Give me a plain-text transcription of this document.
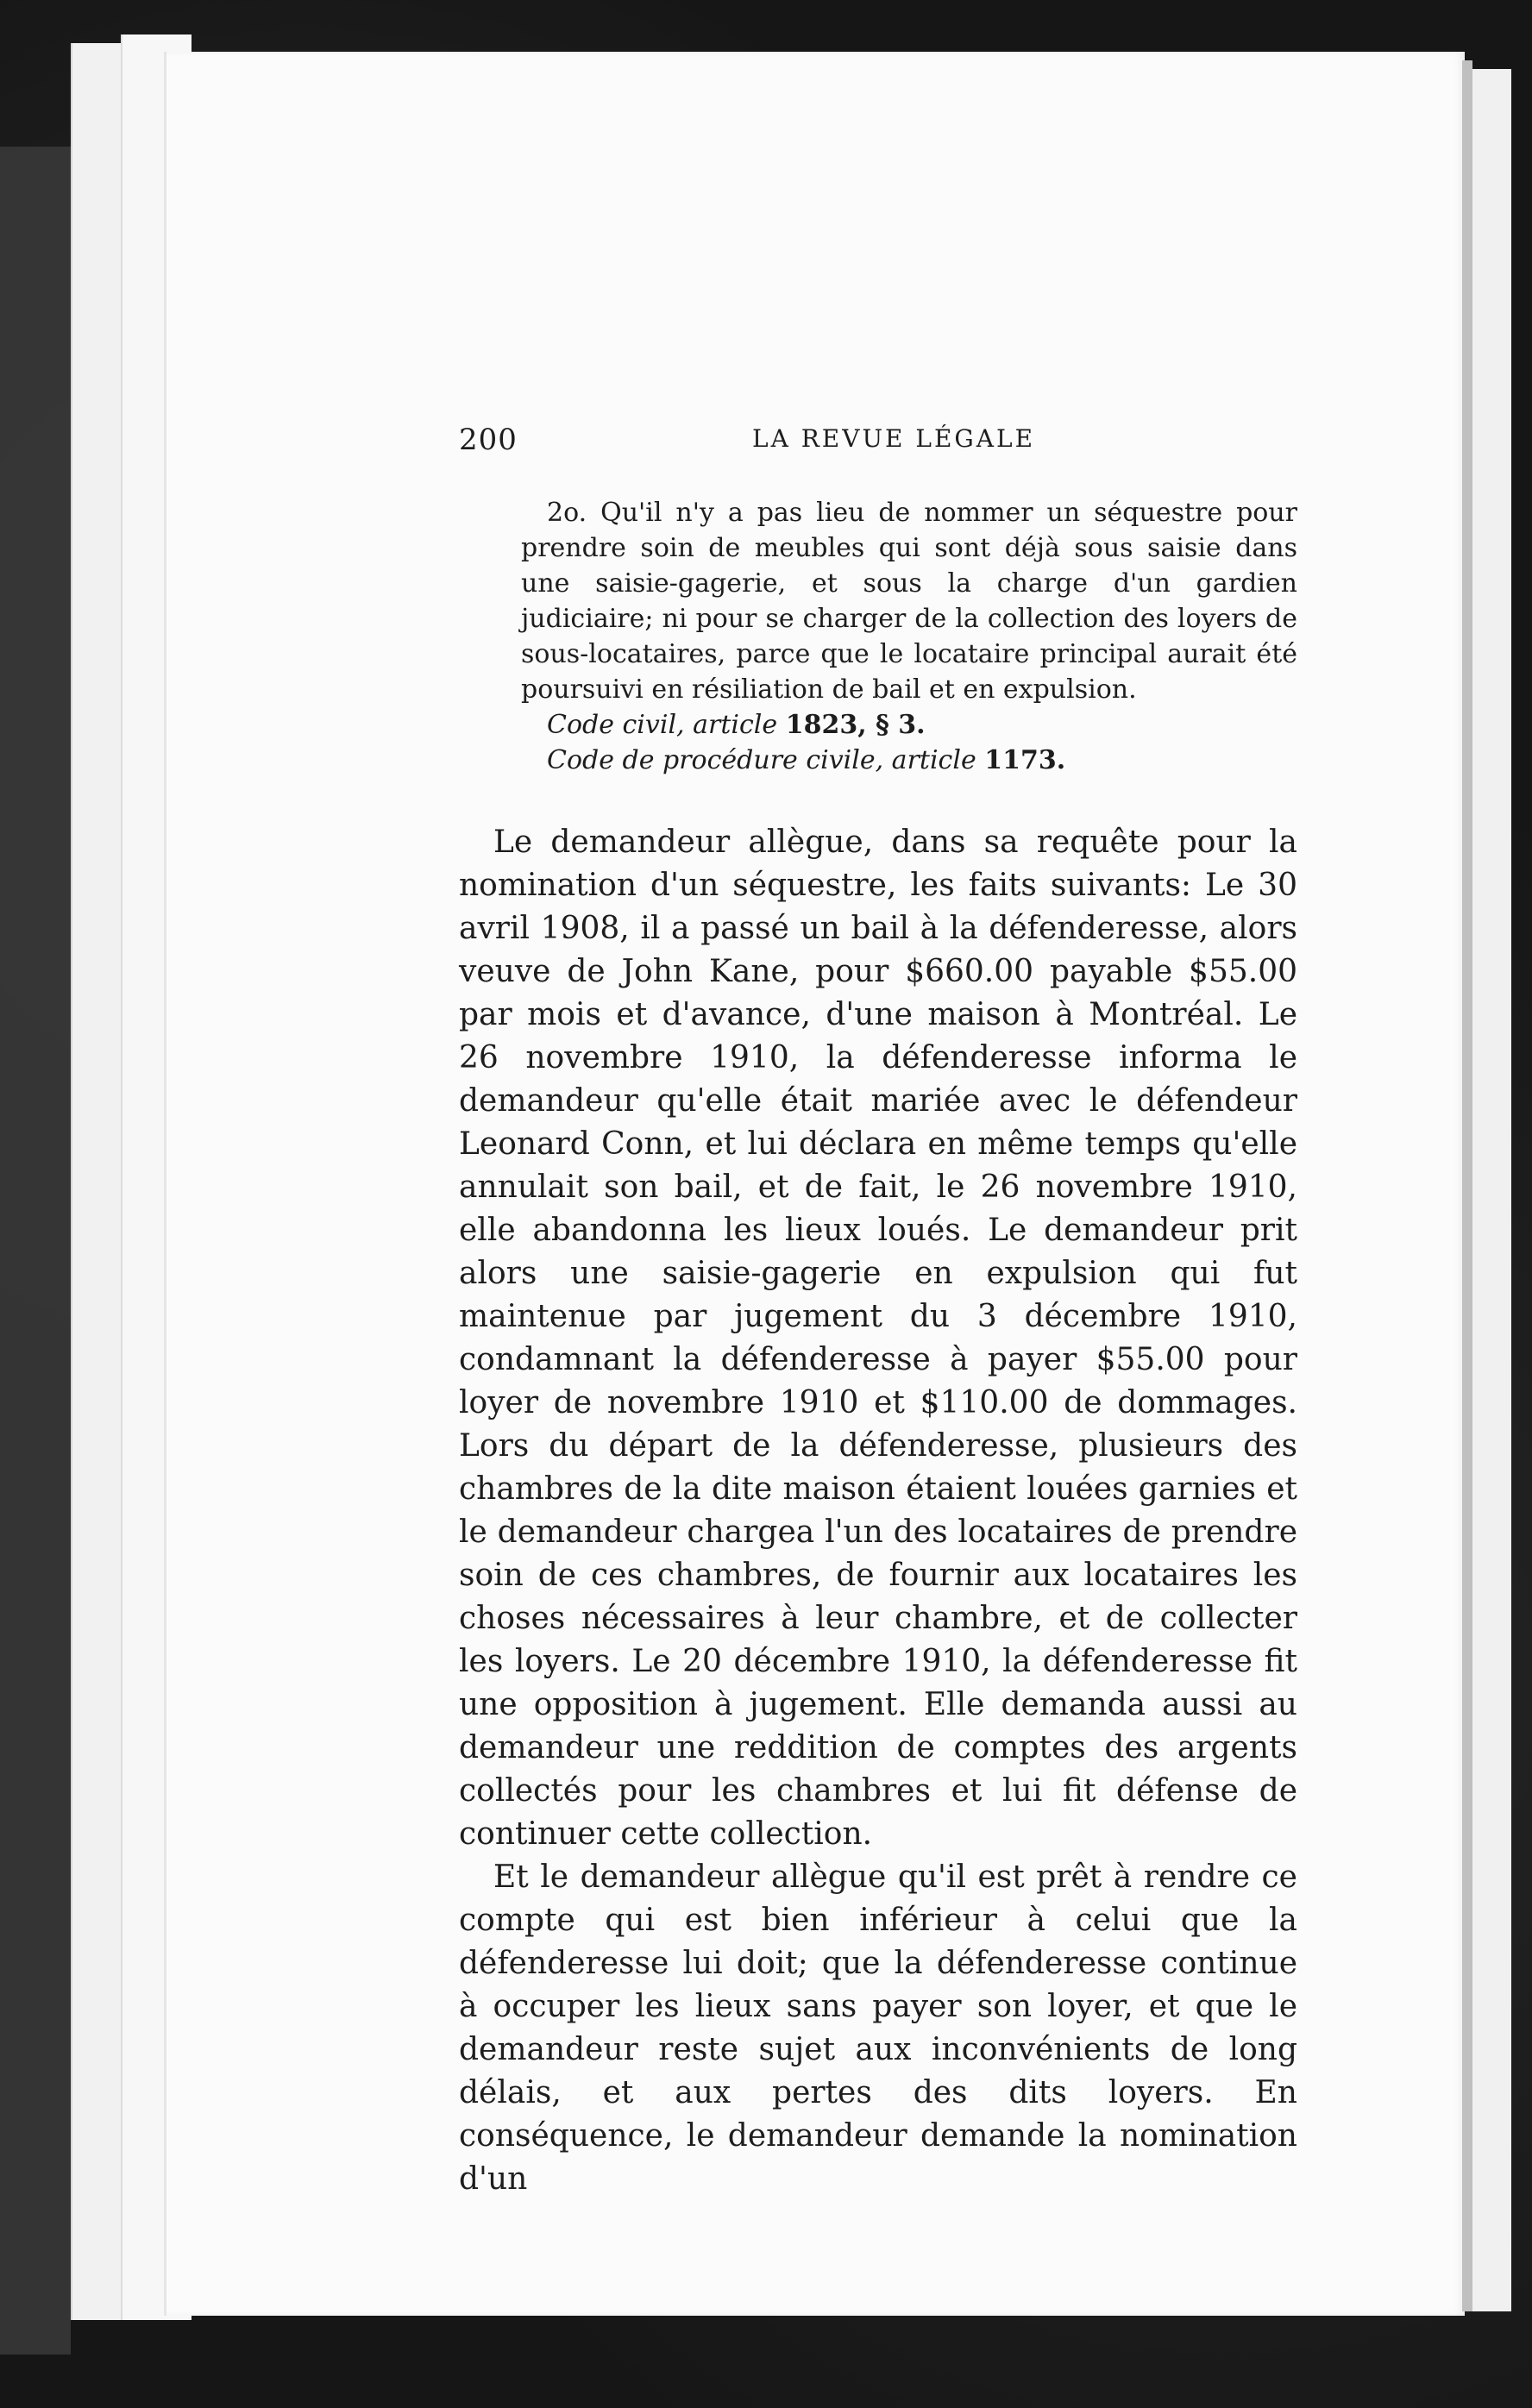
200	LA REVUE LÉGALE

2o. Qu'il n'y a pas lieu de nommer un séquestre pour prendre soin de meubles qui sont déjà sous saisie dans une saisie-gagerie, et sous la charge d'un gardien judiciaire; ni pour se charger de la collection des loyers de sous-locataires, parce que le locataire principal aurait été poursuivi en résiliation de bail et en expulsion.

Code civil, article 1823, § 3.

Code de procédure civile, article 1173.

Le demandeur allègue, dans sa requête pour la nomination d'un séquestre, les faits suivants: Le 30 avril 1908, il a passé un bail à la défenderesse, alors veuve de John Kane, pour $660.00 payable $55.00 par mois et d'avance, d'une maison à Montréal. Le 26 novembre 1910, la défenderesse informa le demandeur qu'elle était mariée avec le défendeur Leonard Conn, et lui déclara en même temps qu'elle annulait son bail, et de fait, le 26 novembre 1910, elle abandonna les lieux loués. Le demandeur prit alors une saisie-gagerie en expulsion qui fut maintenue par jugement du 3 décembre 1910, condamnant la défenderesse à payer $55.00 pour loyer de novembre 1910 et $110.00 de dommages. Lors du départ de la défenderesse, plusieurs des chambres de la dite maison étaient louées garnies et le demandeur chargea l'un des locataires de prendre soin de ces chambres, de fournir aux locataires les choses nécessaires à leur chambre, et de collecter les loyers. Le 20 décembre 1910, la défenderesse fit une opposition à jugement. Elle demanda aussi au demandeur une reddition de comptes des argents collectés pour les chambres et lui fit défense de continuer cette collection.

Et le demandeur allègue qu'il est prêt à rendre ce compte qui est bien inférieur à celui que la défenderesse lui doit; que la défenderesse continue à occuper les lieux sans payer son loyer, et que le demandeur reste sujet aux inconvénients de long délais, et aux pertes des dits loyers. En conséquence, le demandeur demande la nomination d'un
